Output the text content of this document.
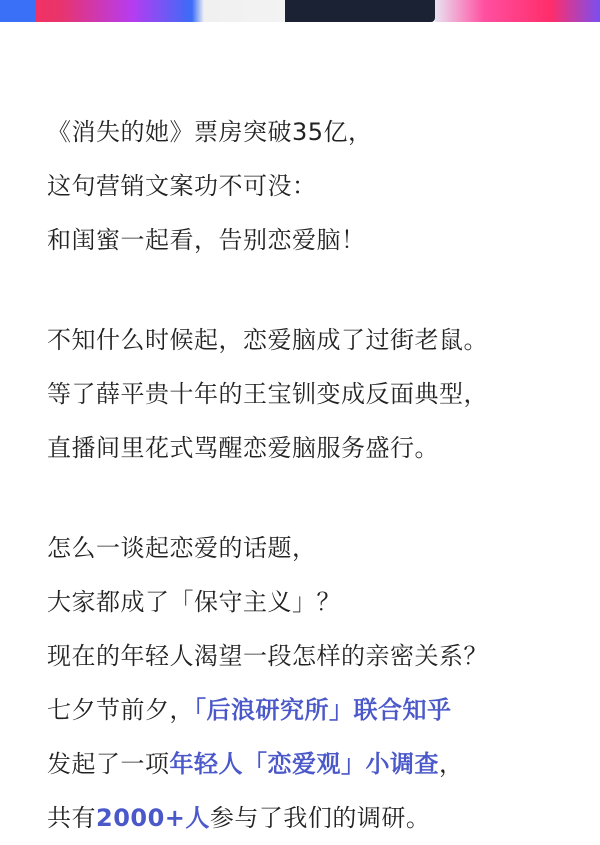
《消失的她》票房突破35亿，
这句营销文案功不可没：
和闺蜜一起看，告别恋爱脑！
不知什么时候起，恋爱脑成了过街老鼠。
等了薛平贵十年的王宝钏变成反面典型，
直播间里花式骂醒恋爱脑服务盛行。
怎么一谈起恋爱的话题，
大家都成了「保守主义」？
现在的年轻人渴望一段怎样的亲密关系？
七夕节前夕，「后浪研究所」联合知乎
发起了一项年轻人「恋爱观」小调查，
共有2000+人参与了我们的调研。
